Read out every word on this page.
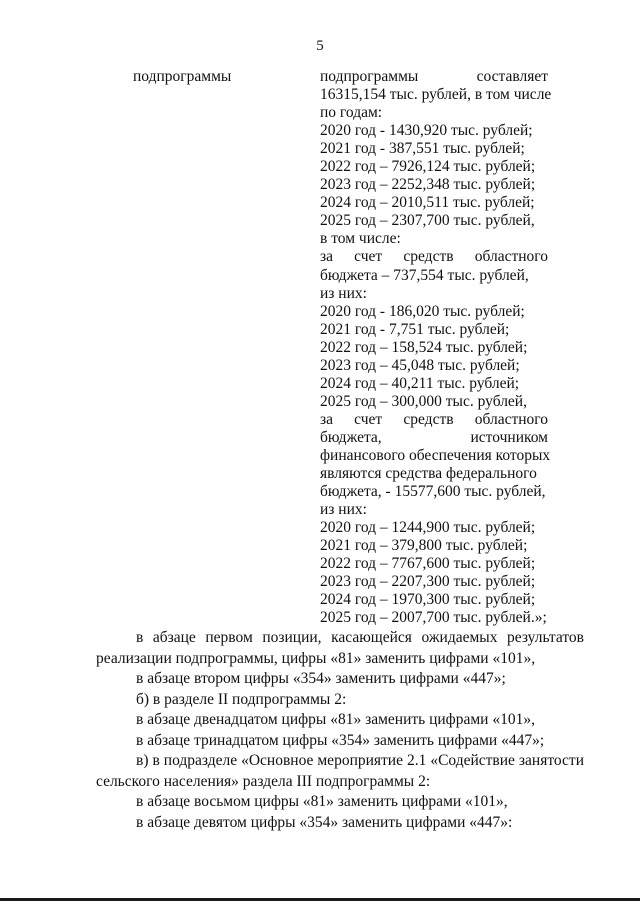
5
подпрограммы	подпрограммы составляет
16315,154 тыс. рублей, в том числе
по годам:
2020 год - 1430,920 тыс. рублей;
2021 год - 387,551 тыс. рублей;
2022 год – 7926,124 тыс. рублей;
2023 год – 2252,348 тыс. рублей;
2024 год – 2010,511 тыс. рублей;
2025 год – 2307,700 тыс. рублей,
в том числе:
за счет средств областного
бюджета – 737,554 тыс. рублей,
из них:
2020 год - 186,020 тыс. рублей;
2021 год - 7,751 тыс. рублей;
2022 год – 158,524 тыс. рублей;
2023 год – 45,048 тыс. рублей;
2024 год – 40,211 тыс. рублей;
2025 год – 300,000 тыс. рублей,
за счет средств областного
бюджета, источником
финансового обеспечения которых
являются средства федерального
бюджета, - 15577,600 тыс. рублей,
из них:
2020 год – 1244,900 тыс. рублей;
2021 год – 379,800 тыс. рублей;
2022 год – 7767,600 тыс. рублей;
2023 год – 2207,300 тыс. рублей;
2024 год – 1970,300 тыс. рублей;
2025 год – 2007,700 тыс. рублей.»;
в абзаце первом позиции, касающейся ожидаемых результатов
реализации подпрограммы, цифры «81» заменить цифрами «101»,
в абзаце втором цифры «354» заменить цифрами «447»;
б) в разделе II подпрограммы 2:
в абзаце двенадцатом цифры «81» заменить цифрами «101»,
в абзаце тринадцатом цифры «354» заменить цифрами «447»;
в) в подразделе «Основное мероприятие 2.1 «Содействие занятости
сельского населения» раздела III подпрограммы 2:
в абзаце восьмом цифры «81» заменить цифрами «101»,
в абзаце девятом цифры «354» заменить цифрами «447»:
